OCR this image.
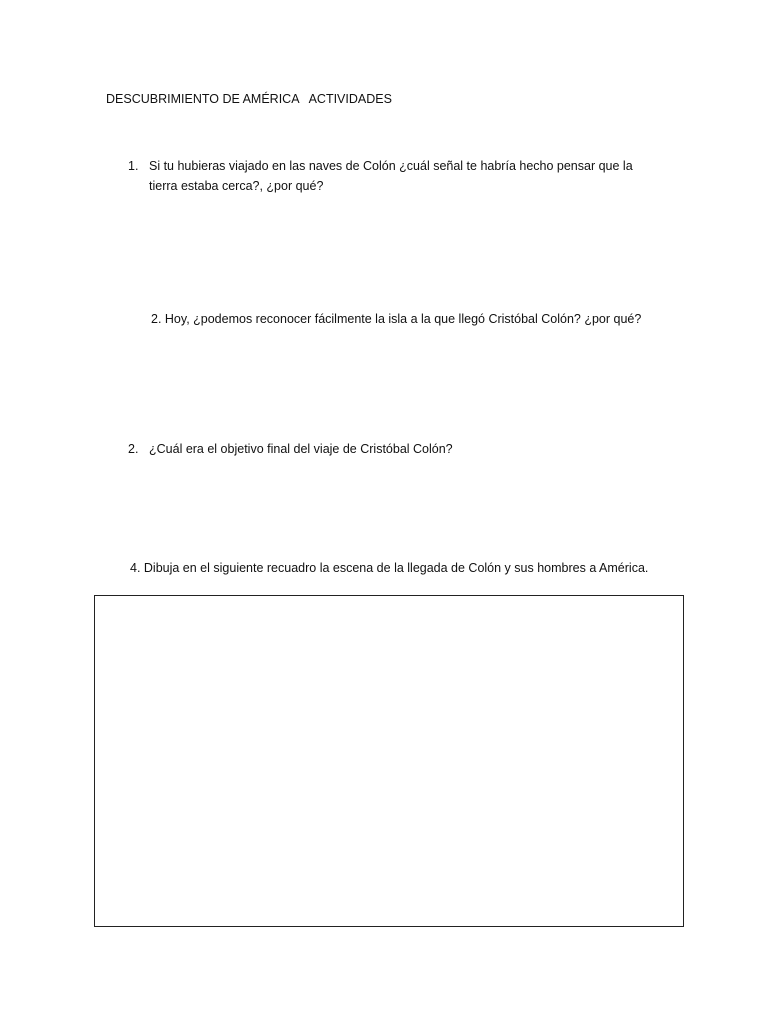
DESCUBRIMIENTO DE AMÉRICA   ACTIVIDADES
1. Si tu hubieras viajado en las naves de Colón ¿cuál señal te habría hecho pensar que la tierra estaba cerca?, ¿por qué?
2. Hoy, ¿podemos reconocer fácilmente la isla a la que llegó Cristóbal Colón? ¿por qué?
2. ¿Cuál era el objetivo final del viaje de Cristóbal Colón?
4. Dibuja en el siguiente recuadro la escena de la llegada de Colón y sus hombres a América.
